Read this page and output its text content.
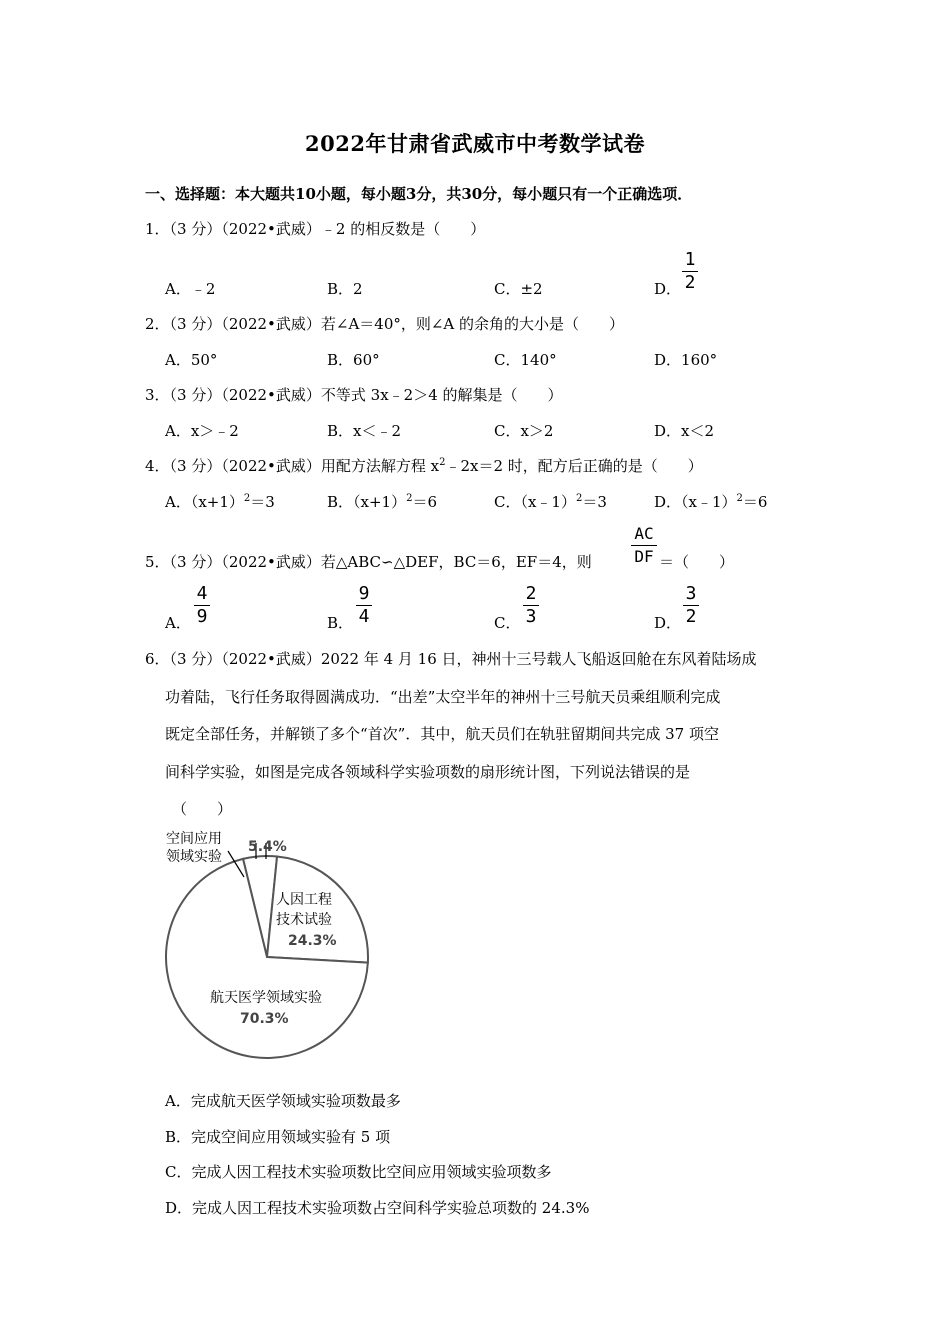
2022年甘肃省武威市中考数学试卷
一、选择题：本大题共10小题，每小题3分，共30分，每小题只有一个正确选项．
1．（3 分）（2022•武威）﹣2 的相反数是（　　）
A．﹣2	B．2	C．±2	D．
1
2
2．（3 分）（2022•武威）若∠A＝40°，则∠A 的余角的大小是（　　）
A．50°	B．60°	C．140°	D．160°
3．（3 分）（2022•武威）不等式 3x﹣2＞4 的解集是（　　）
A．x＞﹣2	B．x＜﹣2	C．x＞2	D．x＜2
4．（3 分）（2022•武威）用配方法解方程 $x^2﹣2x=2$ 时，配方后正确的是（　　）
A．$(x+1)^2=3$	B．$(x+1)^2=6$	C．（x﹣1）$^2$＝3	D．（x﹣1）$^2$＝6
5．（3 分）（2022•武威）若△ABC∽△DEF，BC＝6，EF＝4，则
AC
DF ＝（　　）
A．
4
9	B．
9
4	C．
2
3	D．
3
2
6．（3 分）（2022•武威）2022 年 4 月 16 日，神州十三号载人飞船返回舱在东风着陆场成
功着陆，飞行任务取得圆满成功．“出差”太空半年的神州十三号航天员乘组顺利完成
既定全部任务，并解锁了多个“首次”．其中，航天员们在轨驻留期间共完成 37 项空
间科学实验，如图是完成各领域科学实验项数的扇形统计图，下列说法错误的是
（　　）
空间应用
领域实验
5.4%
人因工程
技术试验
24.3%
航天医学领域实验
70.3%
A．完成航天医学领域实验项数最多
B．完成空间应用领域实验有 5 项
C．完成人因工程技术实验项数比空间应用领域实验项数多
D．完成人因工程技术实验项数占空间科学实验总项数的 24.3%
